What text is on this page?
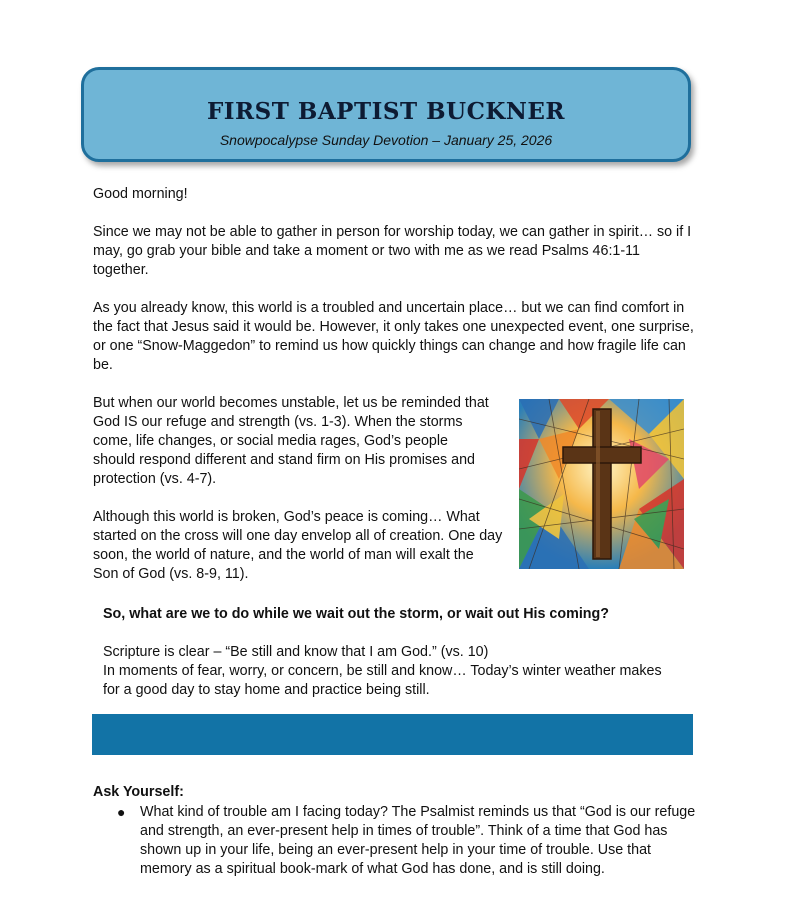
FIRST BAPTIST BUCKNER
Snowpocalypse Sunday Devotion – January 25, 2026

Good morning!

Since we may not be able to gather in person for worship today, we can gather in spirit… so if I may, go grab your bible and take a moment or two with me as we read Psalms 46:1-11 together.

As you already know, this world is a troubled and uncertain place… but we can find comfort in the fact that Jesus said it would be. However, it only takes one unexpected event, one surprise, or one “Snow-Maggedon” to remind us how quickly things can change and how fragile life can be.

But when our world becomes unstable, let us be reminded that God IS our refuge and strength (vs. 1-3). When the storms come, life changes, or social media rages, God’s people should respond different and stand firm on His promises and protection (vs. 4-7).

Although this world is broken, God’s peace is coming… What started on the cross will one day envelop all of creation. One day soon, the world of nature, and the world of man will exalt the Son of God (vs. 8-9, 11).

So, what are we to do while we wait out the storm, or wait out His coming?

Scripture is clear – “Be still and know that I am God.” (vs. 10)

In moments of fear, worry, or concern, be still and know… Today’s winter weather makes for a good day to stay home and practice being still.

Ask Yourself:

● What kind of trouble am I facing today? The Psalmist reminds us that “God is our refuge and strength, an ever-present help in times of trouble”. Think of a time that God has shown up in your life, being an ever-present help in your time of trouble. Use that memory as a spiritual book-mark of what God has done, and is still doing.
